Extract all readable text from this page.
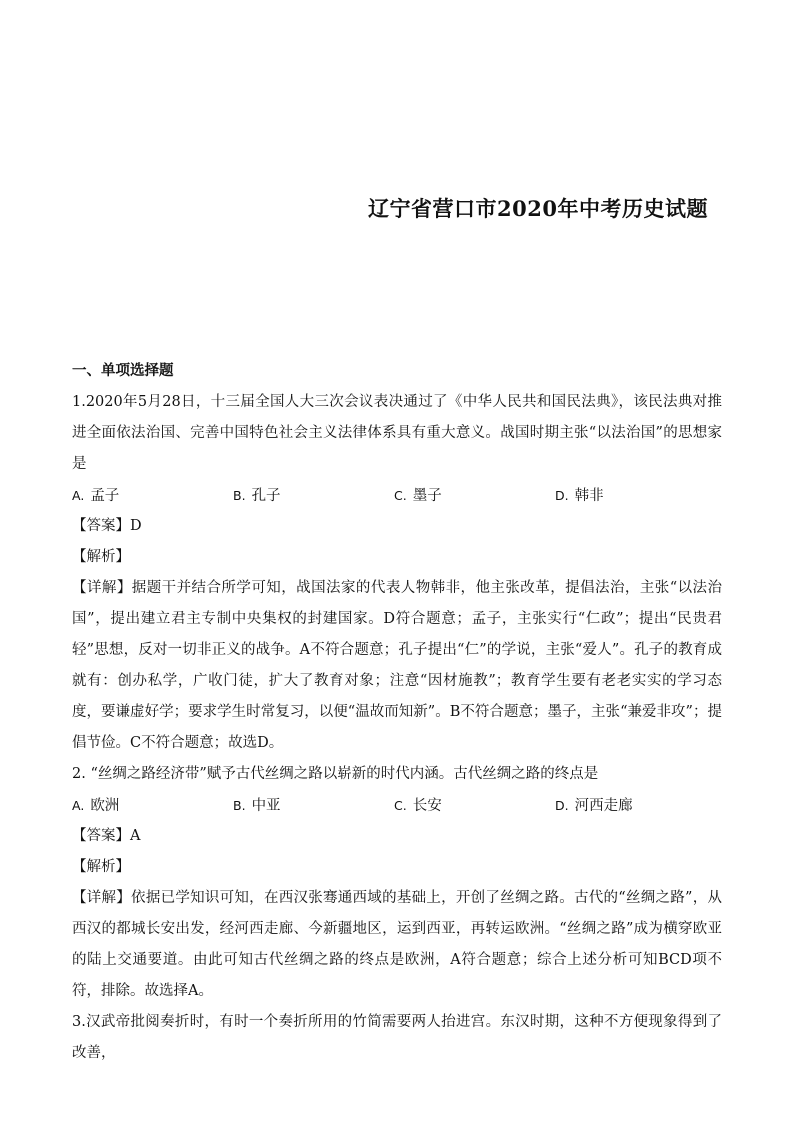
辽宁省营口市2020年中考历史试题
一、单项选择题
1.2020年5月28日，十三届全国人大三次会议表决通过了《中华人民共和国民法典》，该民法典对推进全面依法治国、完善中国特色社会主义法律体系具有重大意义。战国时期主张“以法治国”的思想家是
A. 孟子	B. 孔子	C. 墨子	D. 韩非
【答案】D
【解析】
【详解】据题干并结合所学可知，战国法家的代表人物韩非，他主张改革，提倡法治，主张“以法治国”，提出建立君主专制中央集权的封建国家。D符合题意；孟子，主张实行“仁政”；提出“民贵君轻”思想，反对一切非正义的战争。A不符合题意；孔子提出“仁”的学说，主张“爱人”。孔子的教育成就有：创办私学，广收门徒，扩大了教育对象；注意“因材施教”；教育学生要有老老实实的学习态度，要谦虚好学；要求学生时常复习，以便“温故而知新”。B不符合题意；墨子，主张“兼爱非攻”；提倡节俭。C不符合题意；故选D。
2. “丝绸之路经济带”赋予古代丝绸之路以崭新的时代内涵。古代丝绸之路的终点是
A. 欧洲	B. 中亚	C. 长安	D. 河西走廊
【答案】A
【解析】
【详解】依据已学知识可知，在西汉张骞通西域的基础上，开创了丝绸之路。古代的“丝绸之路”，从西汉的都城长安出发，经河西走廊、今新疆地区，运到西亚，再转运欧洲。“丝绸之路”成为横穿欧亚的陆上交通要道。由此可知古代丝绸之路的终点是欧洲，A符合题意；综合上述分析可知BCD项不符，排除。故选择A。
3.汉武帝批阅奏折时，有时一个奏折所用的竹简需要两人抬进宫。东汉时期，这种不方便现象得到了改善，
